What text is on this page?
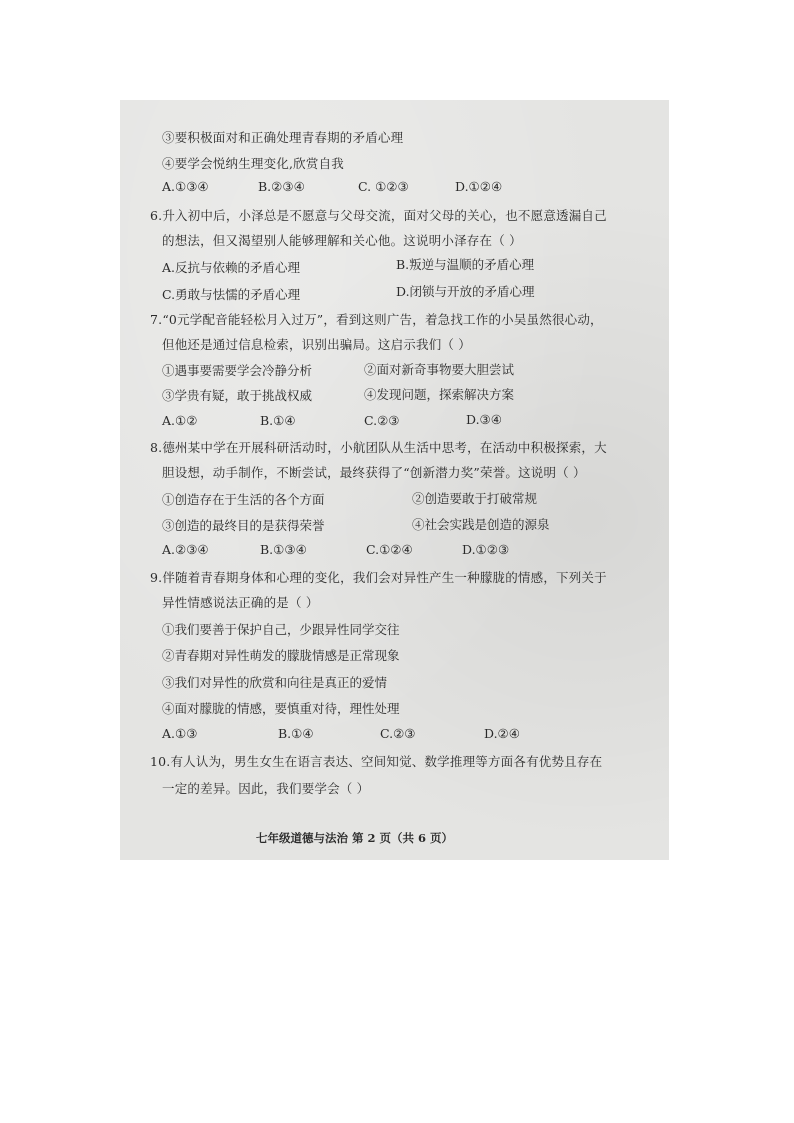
③要积极面对和正确处理青春期的矛盾心理
④要学会悦纳生理变化,欣赏自我
A.①③④	B.②③④	C. ①②③	D.①②④
6.升入初中后，小泽总是不愿意与父母交流，面对父母的关心，也不愿意透漏自己
的想法，但又渴望别人能够理解和关心他。这说明小泽存在（ ）
A.反抗与依赖的矛盾心理	B.叛逆与温顺的矛盾心理
C.勇敢与怯懦的矛盾心理	D.闭锁与开放的矛盾心理
7.“0元学配音能轻松月入过万”，看到这则广告，着急找工作的小吴虽然很心动，
但他还是通过信息检索，识别出骗局。这启示我们（ ）
①遇事要需要学会冷静分析	②面对新奇事物要大胆尝试
③学贵有疑，敢于挑战权威	④发现问题，探索解决方案
A.①②	B.①④	C.②③	D.③④
8.德州某中学在开展科研活动时，小航团队从生活中思考，在活动中积极探索，大
胆设想，动手制作，不断尝试，最终获得了“创新潜力奖”荣誉。这说明（ ）
①创造存在于生活的各个方面	②创造要敢于打破常规
③创造的最终目的是获得荣誉	④社会实践是创造的源泉
A.②③④	B.①③④	C.①②④	D.①②③
9.伴随着青春期身体和心理的变化，我们会对异性产生一种朦胧的情感，下列关于
异性情感说法正确的是（ ）
①我们要善于保护自己，少跟异性同学交往
②青春期对异性萌发的朦胧情感是正常现象
③我们对异性的欣赏和向往是真正的爱情
④面对朦胧的情感，要慎重对待，理性处理
A.①③	B.①④	C.②③	D.②④
10.有人认为，男生女生在语言表达、空间知觉、数学推理等方面各有优势且存在
一定的差异。因此，我们要学会（ ）
七年级道德与法治 第 2 页（共 6 页）
